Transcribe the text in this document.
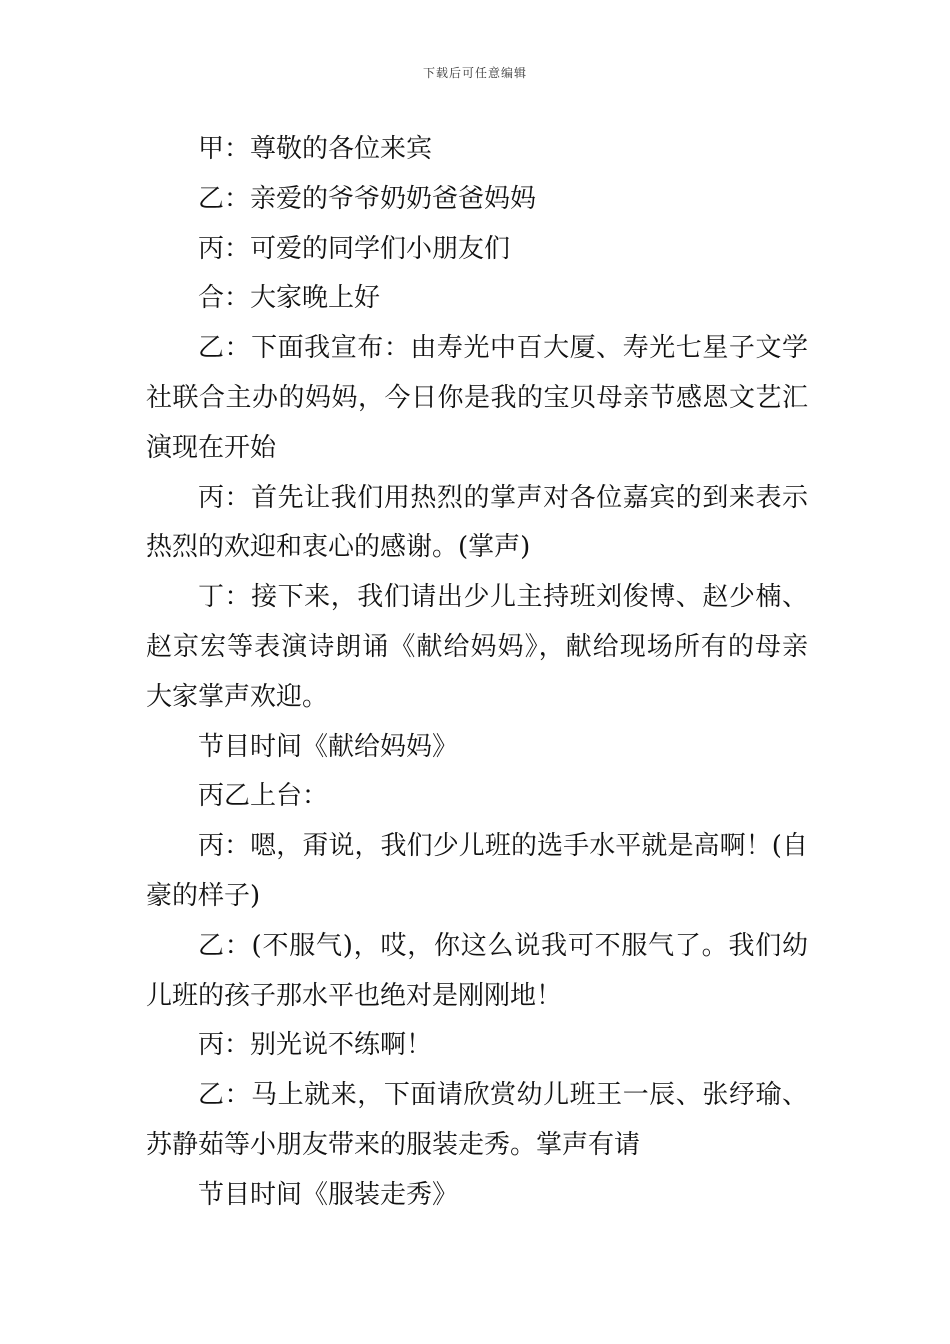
下载后可任意编辑

甲：尊敬的各位来宾

乙：亲爱的爷爷奶奶爸爸妈妈

丙：可爱的同学们小朋友们

合：大家晚上好

乙：下面我宣布：由寿光中百大厦、寿光七星子文学社联合主办的妈妈，今日你是我的宝贝母亲节感恩文艺汇演现在开始

丙：首先让我们用热烈的掌声对各位嘉宾的到来表示热烈的欢迎和衷心的感谢。(掌声)

丁：接下来，我们请出少儿主持班刘俊博、赵少楠、赵京宏等表演诗朗诵《献给妈妈》，献给现场所有的母亲大家掌声欢迎。

节目时间《献给妈妈》

丙乙上台：

丙：嗯，甭说，我们少儿班的选手水平就是高啊！(自豪的样子)

乙：(不服气)，哎，你这么说我可不服气了。我们幼儿班的孩子那水平也绝对是刚刚地！

丙：别光说不练啊！

乙：马上就来，下面请欣赏幼儿班王一辰、张纾瑜、苏静茹等小朋友带来的服装走秀。掌声有请

节目时间《服装走秀》
